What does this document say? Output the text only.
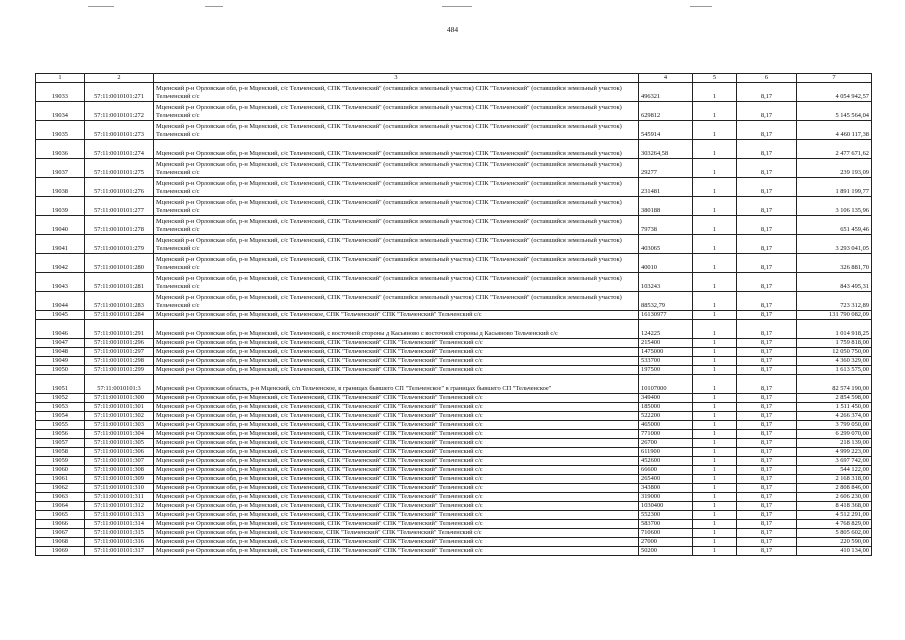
484
1	2	3	4	5	6	7
19033	57:11:0010101:271	Мценский р-н Орловская обл, р-н Мценский, с/с Тельченский, СПК "Тельченский" (оставшийся земельный участок) СПК "Тельченский" (оставшийся земельный участок) Тельченский с/с	496321	1	8,17	4 054 942,57
19034	57:11:0010101:272	Мценский р-н Орловская обл, р-н Мценский, с/с Тельченский, СПК "Тельченский" (оставшийся земельный участок) СПК "Тельченский" (оставшийся земельный участок) Тельченский с/с	629812	1	8,17	5 145 564,04
19035	57:11:0010101:273	Мценский р-н Орловская обл, р-н Мценский, с/с Тельченский, СПК "Тельченский" (оставшийся земельный участок) СПК "Тельченский" (оставшийся земельный участок) Тельченский с/с	545914	1	8,17	4 460 117,38
19036	57:11:0010101:274	Мценский р-н Орловская обл, р-н Мценский, с/с Тельченский, СПК "Тельченский" (оставшийся земельный участок) СПК "Тельченский" (оставшийся земельный участок)	303264,58	1	8,17	2 477 671,62
19037	57:11:0010101:275	Мценский р-н Орловская обл, р-н Мценский, с/с Тельченский, СПК "Тельченский" (оставшийся земельный участок) СПК "Тельченский" (оставшийся земельный участок) Тельченский с/с	29277	1	8,17	239 193,09
19038	57:11:0010101:276	Мценский р-н Орловская обл, р-н Мценский, с/с Тельченский, СПК "Тельченский" (оставшийся земельный участок) СПК "Тельченский" (оставшийся земельный участок) Тельченский с/с	231481	1	8,17	1 891 199,77
19039	57:11:0010101:277	Мценский р-н Орловская обл, р-н Мценский, с/с Тельченский, СПК "Тельченский" (оставшийся земельный участок) СПК "Тельченский" (оставшийся земельный участок) Тельченский с/с	380188	1	8,17	3 106 135,96
19040	57:11:0010101:278	Мценский р-н Орловская обл, р-н Мценский, с/с Тельченский, СПК "Тельченский" (оставшийся земельный участок) СПК "Тельченский" (оставшийся земельный участок) Тельченский с/с	79738	1	8,17	651 459,46
19041	57:11:0010101:279	Мценский р-н Орловская обл, р-н Мценский, с/с Тельченский, СПК "Тельченский" (оставшийся земельный участок) СПК "Тельченский" (оставшийся земельный участок) Тельченский с/с	403065	1	8,17	3 293 041,05
19042	57:11:0010101:280	Мценский р-н Орловская обл, р-н Мценский, с/с Тельченский, СПК "Тельченский" (оставшийся земельный участок) СПК "Тельченский" (оставшийся земельный участок) Тельченский с/с	40010	1	8,17	326 881,70
19043	57:11:0010101:281	Мценский р-н Орловская обл, р-н Мценский, с/с Тельченский, СПК "Тельченский" (оставшийся земельный участок) СПК "Тельченский" (оставшийся земельный участок) Тельченский с/с	103243	1	8,17	843 495,31
19044	57:11:0010101:283	Мценский р-н Орловская обл, р-н Мценский, с/с Тельченский, СПК "Тельченский" (оставшийся земельный участок) СПК "Тельченский" (оставшийся земельный участок) Тельченский с/с	88532,79	1	8,17	723 312,89
19045	57:11:0010101:284	Мценский р-н Орловская обл, р-н Мценский, с/с Тельченское, СПК "Тельченский" СПК "Тельченский" Тельченский с/с	16130977	1	8,17	131 790 082,09
19046	57:11:0010101:291	Мценский р-н Орловская обл, р-н Мценский, с/с Тельченский, с восточной стороны д Касьяново с восточной стороны д Касьяново Тельченский с/с	124225	1	8,17	1 014 918,25
19047	57:11:0010101:296	Мценский р-н Орловская обл, р-н Мценский, с/с Тельченский, СПК "Тельченский" СПК "Тельченский" Тельченский с/с	215400	1	8,17	1 759 818,00
19048	57:11:0010101:297	Мценский р-н Орловская обл, р-н Мценский, с/с Тельченский, СПК "Тельченский" СПК "Тельченский" Тельченский с/с	1475000	1	8,17	12 050 750,00
19049	57:11:0010101:298	Мценский р-н Орловская обл, р-н Мценский, с/с Тельченский, СПК "Тельченский" СПК "Тельченский" Тельченский с/с	533700	1	8,17	4 360 329,00
19050	57:11:0010101:299	Мценский р-н Орловская обл, р-н Мценский, с/с Тельченский, СПК "Тельченский" СПК "Тельченский" Тельченский с/с	197500	1	8,17	1 613 575,00
19051	57:11:0010101:3	Мценский р-н Орловская область, р-н Мценский, с/п Тельченское, в границах бывшего СП "Тельченское" в границах бывшего СП "Тельченское"	10107000	1	8,17	82 574 190,00
19052	57:11:0010101:300	Мценский р-н Орловская обл, р-н Мценский, с/с Тельченский, СПК "Тельченский" СПК "Тельченский" Тельченский с/с	349400	1	8,17	2 854 598,00
19053	57:11:0010101:301	Мценский р-н Орловская обл, р-н Мценский, с/с Тельченский, СПК "Тельченский" СПК "Тельченский" Тельченский с/с	185000	1	8,17	1 511 450,00
19054	57:11:0010101:302	Мценский р-н Орловская обл, р-н Мценский, с/с Тельченский, СПК "Тельченский" СПК "Тельченский" Тельченский с/с	522200	1	8,17	4 266 374,00
19055	57:11:0010101:303	Мценский р-н Орловская обл, р-н Мценский, с/с Тельченский, СПК "Тельченский" СПК "Тельченский" Тельченский с/с	465000	1	8,17	3 799 050,00
19056	57:11:0010101:304	Мценский р-н Орловская обл, р-н Мценский, с/с Тельченский, СПК "Тельченский" СПК "Тельченский" Тельченский с/с	771000	1	8,17	6 299 070,00
19057	57:11:0010101:305	Мценский р-н Орловская обл, р-н Мценский, с/с Тельченский, СПК "Тельченский" СПК "Тельченский" Тельченский с/с	26700	1	8,17	218 139,00
19058	57:11:0010101:306	Мценский р-н Орловская обл, р-н Мценский, с/с Тельченский, СПК "Тельченский" СПК "Тельченский" Тельченский с/с	611900	1	8,17	4 999 223,00
19059	57:11:0010101:307	Мценский р-н Орловская обл, р-н Мценский, с/с Тельченский, СПК "Тельченский" СПК "Тельченский" Тельченский с/с	452600	1	8,17	3 697 742,00
19060	57:11:0010101:308	Мценский р-н Орловская обл, р-н Мценский, с/с Тельченский, СПК "Тельченский" СПК "Тельченский" Тельченский с/с	66600	1	8,17	544 122,00
19061	57:11:0010101:309	Мценский р-н Орловская обл, р-н Мценский, с/с Тельченский, СПК "Тельченский" СПК "Тельченский" Тельченский с/с	265400	1	8,17	2 168 318,00
19062	57:11:0010101:310	Мценский р-н Орловская обл, р-н Мценский, с/с Тельченский, СПК "Тельченский" СПК "Тельченский" Тельченский с/с	343800	1	8,17	2 808 846,00
19063	57:11:0010101:311	Мценский р-н Орловская обл, р-н Мценский, с/с Тельченский, СПК "Тельченский" СПК "Тельченский" Тельченский с/с	319000	1	8,17	2 606 230,00
19064	57:11:0010101:312	Мценский р-н Орловская обл, р-н Мценский, с/с Тельченский, СПК "Тельченский" СПК "Тельченский" Тельченский с/с	1030400	1	8,17	8 418 368,00
19065	57:11:0010101:313	Мценский р-н Орловская обл, р-н Мценский, с/с Тельченский, СПК "Тельченский" СПК "Тельченский" Тельченский с/с	552300	1	8,17	4 512 291,00
19066	57:11:0010101:314	Мценский р-н Орловская обл, р-н Мценский, с/с Тельченский, СПК "Тельченский" СПК "Тельченский" Тельченский с/с	583700	1	8,17	4 768 829,00
19067	57:11:0010101:315	Мценский р-н Орловская обл, р-н Мценский, с/с Тельченское, СПК "Тельченский" СПК "Тельченский" Тельченский с/с	710600	1	8,17	5 805 602,00
19068	57:11:0010101:316	Мценский р-н Орловская обл, р-н Мценский, с/с Тельченский, СПК "Тельченский" СПК "Тельченский" Тельченский с/с	27000	1	8,17	220 590,00
19069	57:11:0010101:317	Мценский р-н Орловская обл, р-н Мценский, с/с Тельченский, СПК "Тельченский" СПК "Тельченский" Тельченский с/с	50200	1	8,17	410 134,00
